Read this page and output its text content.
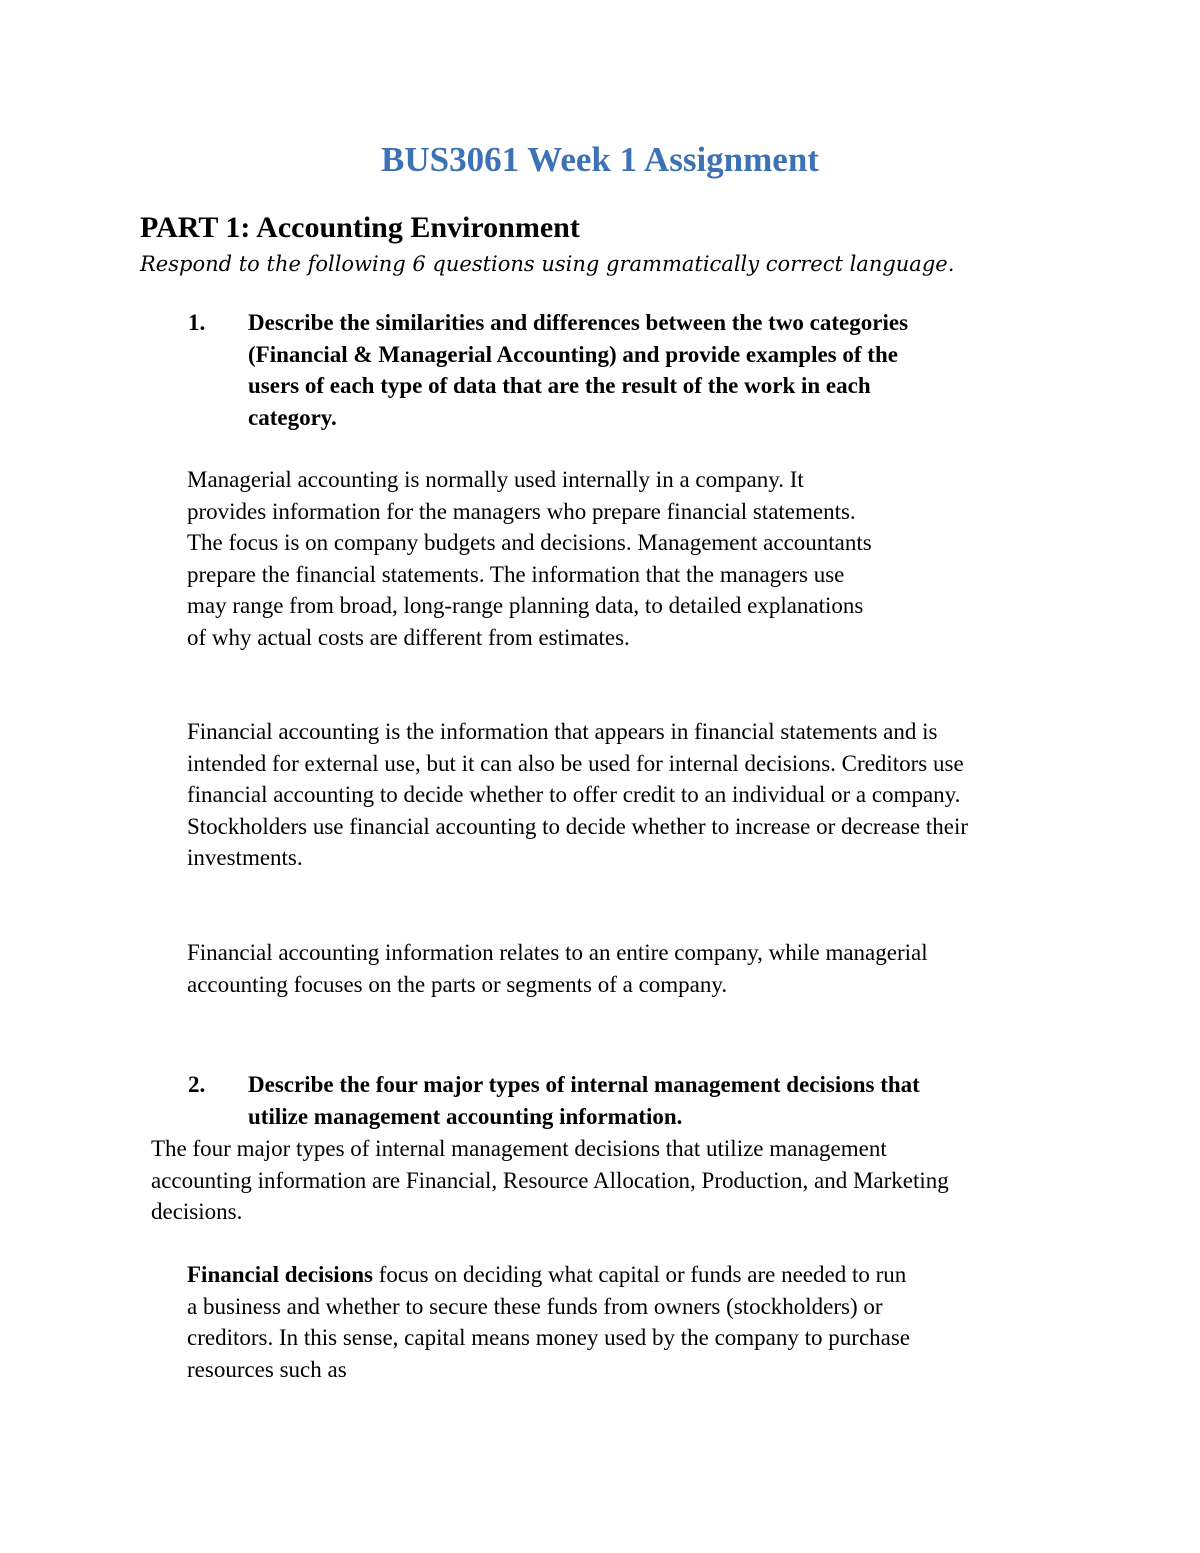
BUS3061 Week 1 Assignment
PART 1: Accounting Environment
Respond to the following 6 questions using grammatically correct language.
1. Describe the similarities and differences between the two categories (Financial & Managerial Accounting) and provide examples of the users of each type of data that are the result of the work in each category.
Managerial accounting is normally used internally in a company. It provides information for the managers who prepare financial statements. The focus is on company budgets and decisions. Management accountants prepare the financial statements. The information that the managers use may range from broad, long-range planning data, to detailed explanations of why actual costs are different from estimates.
Financial accounting is the information that appears in financial statements and is intended for external use, but it can also be used for internal decisions. Creditors use financial accounting to decide whether to offer credit to an individual or a company. Stockholders use financial accounting to decide whether to increase or decrease their investments.
Financial accounting information relates to an entire company, while managerial accounting focuses on the parts or segments of a company.
2. Describe the four major types of internal management decisions that utilize management accounting information.
The four major types of internal management decisions that utilize management accounting information are Financial, Resource Allocation, Production, and Marketing decisions.
Financial decisions focus on deciding what capital or funds are needed to run a business and whether to secure these funds from owners (stockholders) or creditors. In this sense, capital means money used by the company to purchase resources such as
